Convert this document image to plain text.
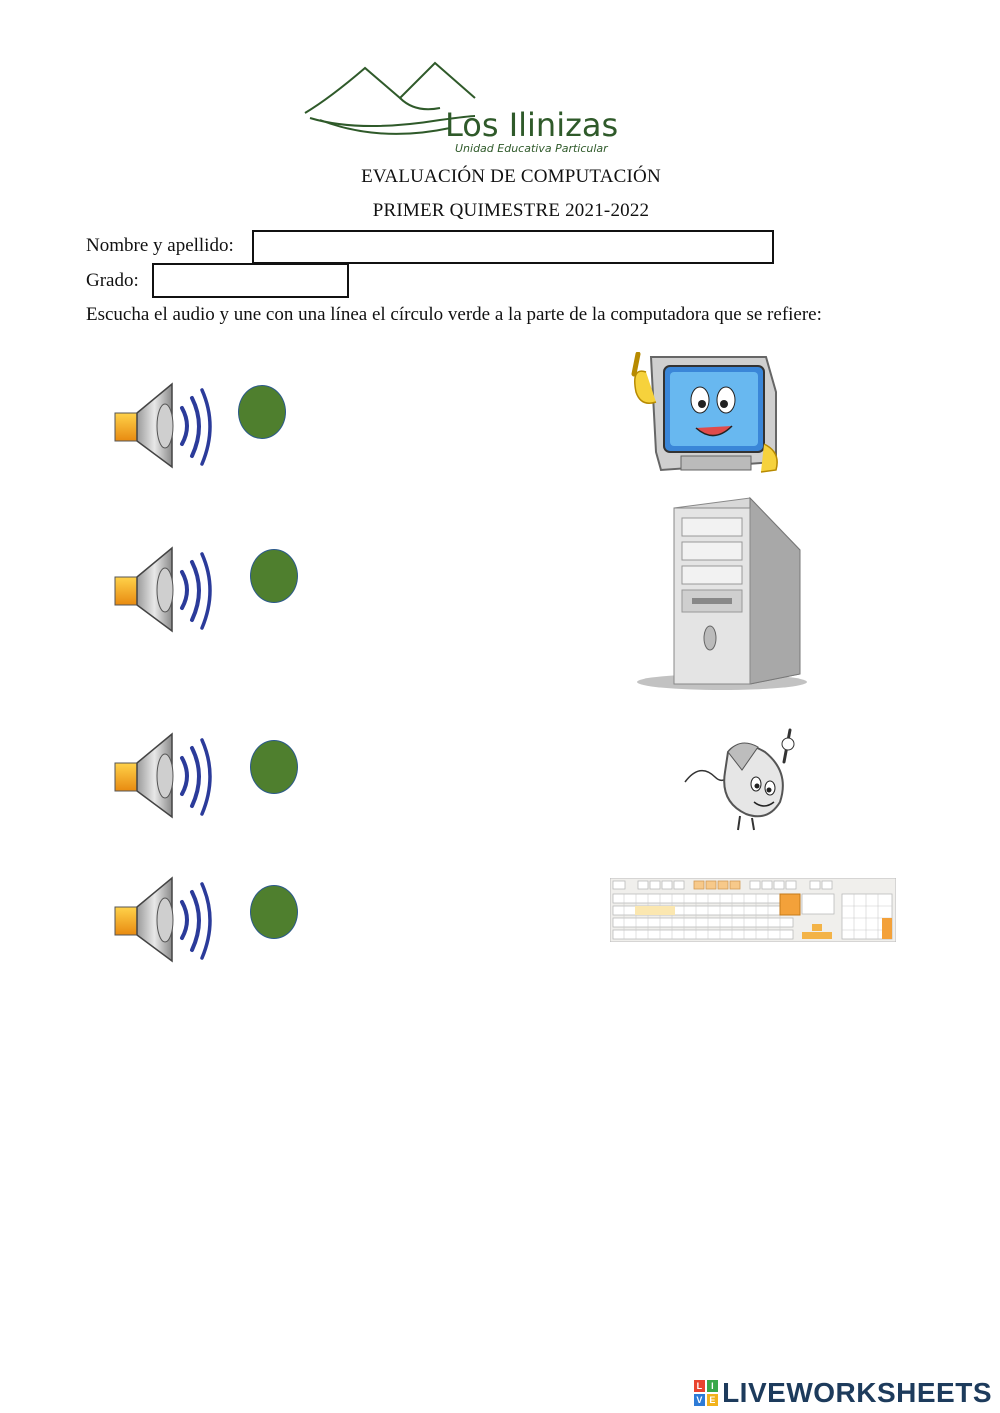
Los Ilinizas
Unidad Educativa Particular
EVALUACIÓN DE COMPUTACIÓN
PRIMER QUIMESTRE 2021-2022
Nombre y apellido:
Grado:
Escucha el audio y une con una línea el círculo verde a la parte de la computadora que se refiere:
L I
V E LIVEWORKSHEETS
